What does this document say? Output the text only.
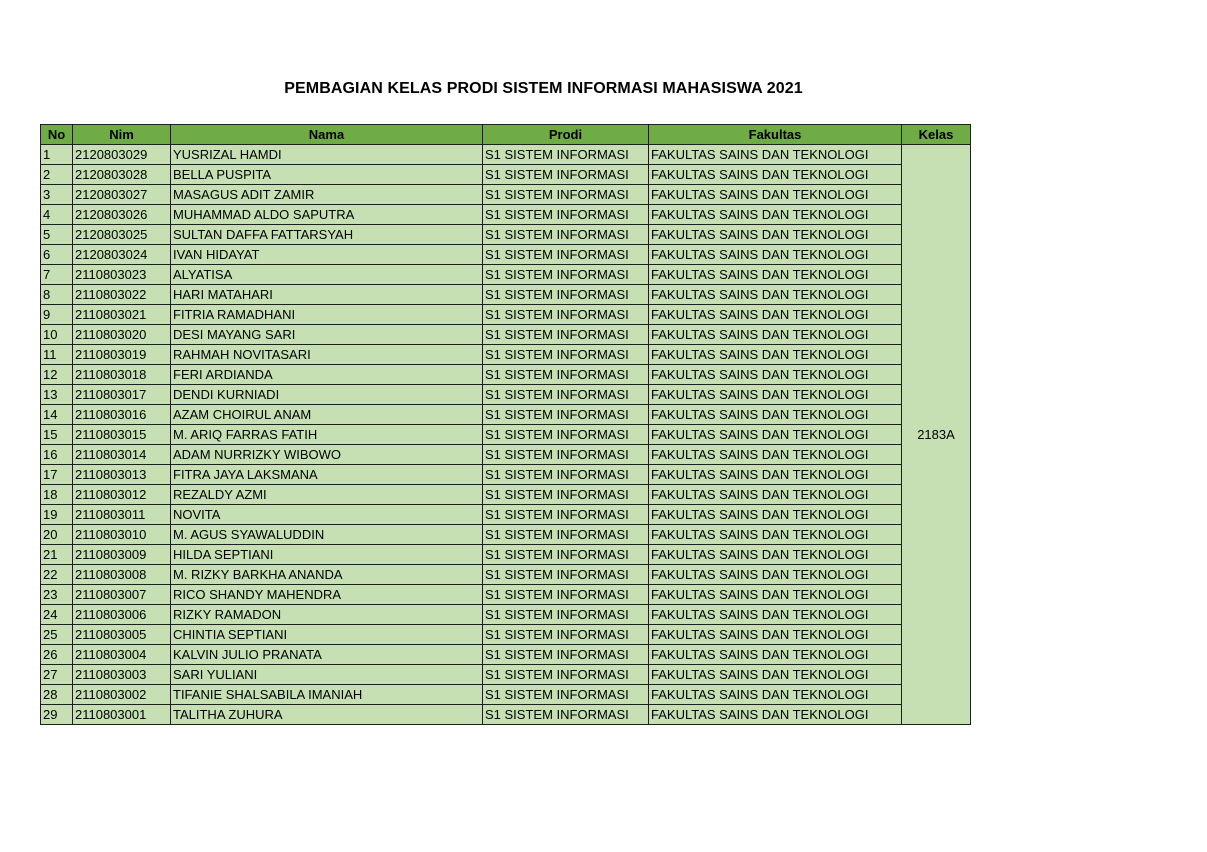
PEMBAGIAN KELAS PRODI SISTEM INFORMASI MAHASISWA 2021
No	Nim	Nama	Prodi	Fakultas	Kelas
1	2120803029	YUSRIZAL HAMDI	S1 SISTEM INFORMASI	FAKULTAS SAINS DAN TEKNOLOGI	2183A
2	2120803028	BELLA PUSPITA	S1 SISTEM INFORMASI	FAKULTAS SAINS DAN TEKNOLOGI	
3	2120803027	MASAGUS ADIT ZAMIR	S1 SISTEM INFORMASI	FAKULTAS SAINS DAN TEKNOLOGI	
4	2120803026	MUHAMMAD ALDO SAPUTRA	S1 SISTEM INFORMASI	FAKULTAS SAINS DAN TEKNOLOGI	
5	2120803025	SULTAN DAFFA FATTARSYAH	S1 SISTEM INFORMASI	FAKULTAS SAINS DAN TEKNOLOGI	
6	2120803024	IVAN HIDAYAT	S1 SISTEM INFORMASI	FAKULTAS SAINS DAN TEKNOLOGI	
7	2110803023	ALYATISA	S1 SISTEM INFORMASI	FAKULTAS SAINS DAN TEKNOLOGI	
8	2110803022	HARI MATAHARI	S1 SISTEM INFORMASI	FAKULTAS SAINS DAN TEKNOLOGI	
9	2110803021	FITRIA RAMADHANI	S1 SISTEM INFORMASI	FAKULTAS SAINS DAN TEKNOLOGI	
10	2110803020	DESI MAYANG SARI	S1 SISTEM INFORMASI	FAKULTAS SAINS DAN TEKNOLOGI	
11	2110803019	RAHMAH NOVITASARI	S1 SISTEM INFORMASI	FAKULTAS SAINS DAN TEKNOLOGI	
12	2110803018	FERI ARDIANDA	S1 SISTEM INFORMASI	FAKULTAS SAINS DAN TEKNOLOGI	
13	2110803017	DENDI KURNIADI	S1 SISTEM INFORMASI	FAKULTAS SAINS DAN TEKNOLOGI	
14	2110803016	AZAM CHOIRUL ANAM	S1 SISTEM INFORMASI	FAKULTAS SAINS DAN TEKNOLOGI	
15	2110803015	M. ARIQ FARRAS FATIH	S1 SISTEM INFORMASI	FAKULTAS SAINS DAN TEKNOLOGI	
16	2110803014	ADAM NURRIZKY WIBOWO	S1 SISTEM INFORMASI	FAKULTAS SAINS DAN TEKNOLOGI	
17	2110803013	FITRA JAYA LAKSMANA	S1 SISTEM INFORMASI	FAKULTAS SAINS DAN TEKNOLOGI	
18	2110803012	REZALDY AZMI	S1 SISTEM INFORMASI	FAKULTAS SAINS DAN TEKNOLOGI	
19	2110803011	NOVITA	S1 SISTEM INFORMASI	FAKULTAS SAINS DAN TEKNOLOGI	
20	2110803010	M. AGUS SYAWALUDDIN	S1 SISTEM INFORMASI	FAKULTAS SAINS DAN TEKNOLOGI	
21	2110803009	HILDA SEPTIANI	S1 SISTEM INFORMASI	FAKULTAS SAINS DAN TEKNOLOGI	
22	2110803008	M. RIZKY BARKHA ANANDA	S1 SISTEM INFORMASI	FAKULTAS SAINS DAN TEKNOLOGI	
23	2110803007	RICO SHANDY MAHENDRA	S1 SISTEM INFORMASI	FAKULTAS SAINS DAN TEKNOLOGI	
24	2110803006	RIZKY RAMADON	S1 SISTEM INFORMASI	FAKULTAS SAINS DAN TEKNOLOGI	
25	2110803005	CHINTIA SEPTIANI	S1 SISTEM INFORMASI	FAKULTAS SAINS DAN TEKNOLOGI	
26	2110803004	KALVIN JULIO PRANATA	S1 SISTEM INFORMASI	FAKULTAS SAINS DAN TEKNOLOGI	
27	2110803003	SARI YULIANI	S1 SISTEM INFORMASI	FAKULTAS SAINS DAN TEKNOLOGI	
28	2110803002	TIFANIE SHALSABILA IMANIAH	S1 SISTEM INFORMASI	FAKULTAS SAINS DAN TEKNOLOGI	
29	2110803001	TALITHA ZUHURA	S1 SISTEM INFORMASI	FAKULTAS SAINS DAN TEKNOLOGI	
